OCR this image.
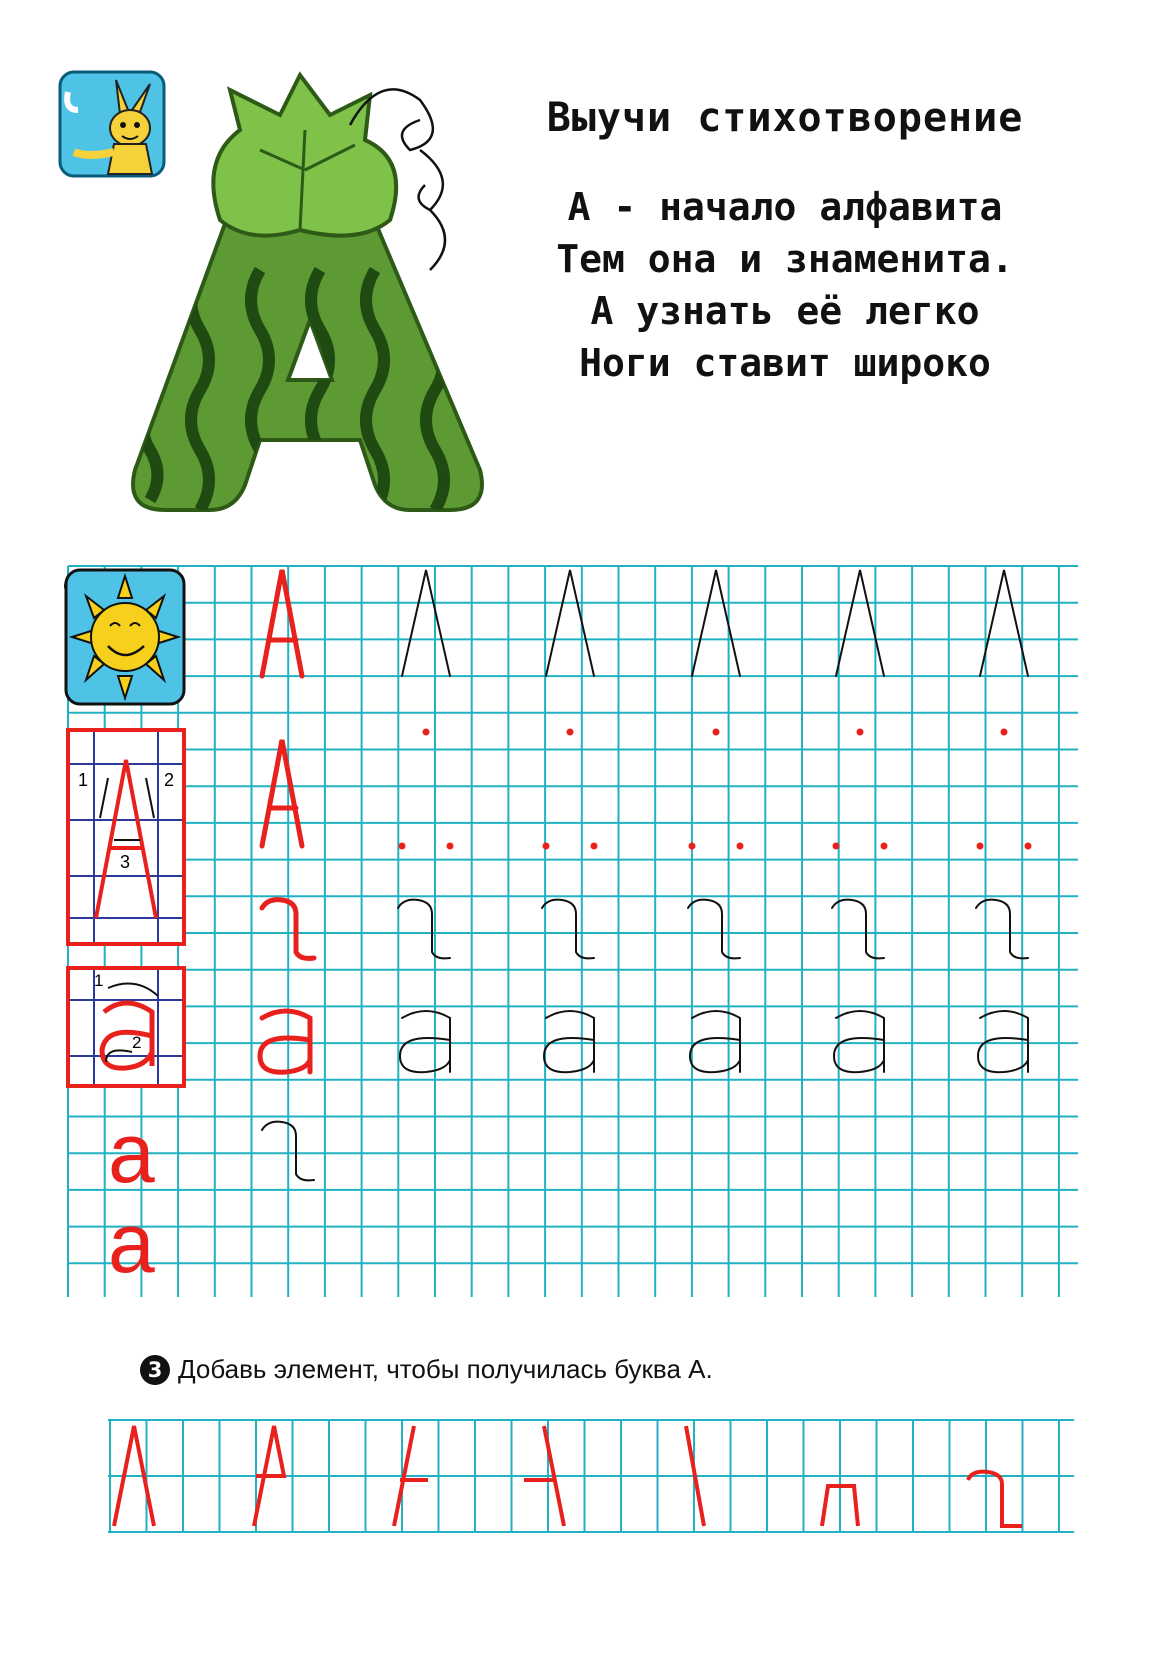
Выучи стихотворение
А - начало алфавита
Тем она и знаменита.
А узнать её легко
Ноги ставит широко
1	2
3
1
2
а
а
3 Добавь элемент, чтобы получилась буква А.
